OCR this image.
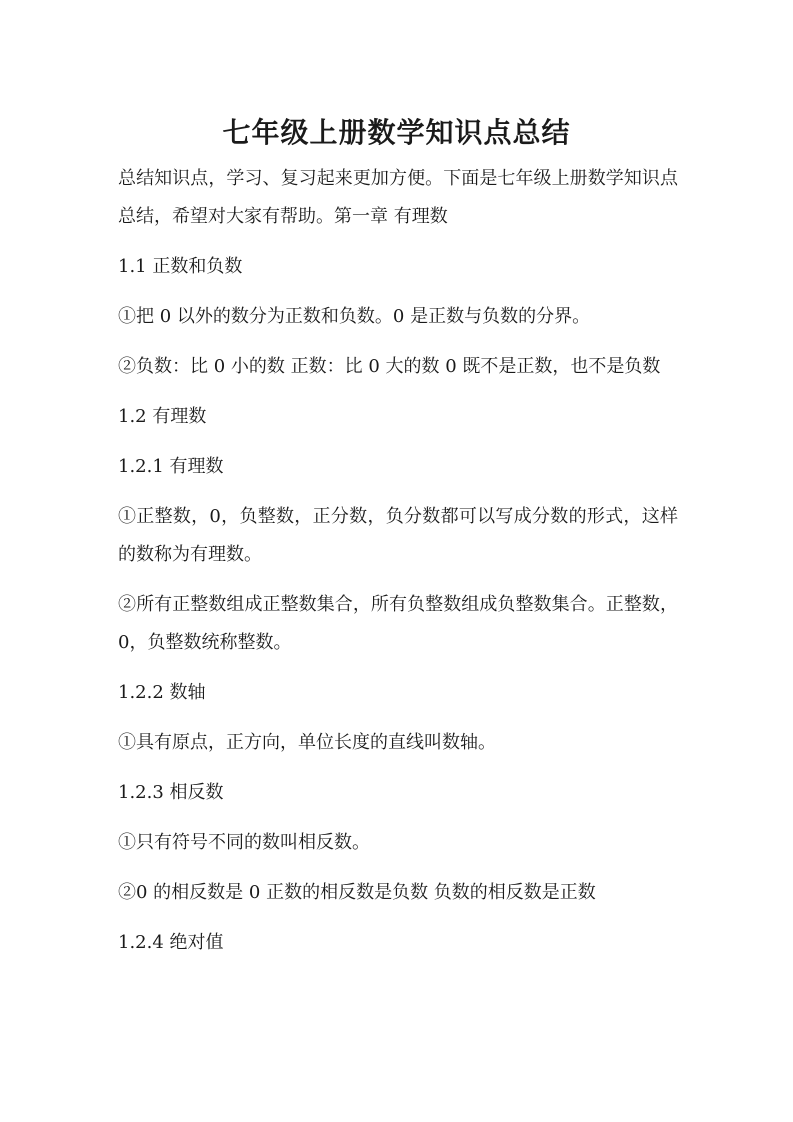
七年级上册数学知识点总结

总结知识点，学习、复习起来更加方便。下面是七年级上册数学知识点总结，希望对大家有帮助。第一章 有理数

1.1 正数和负数

①把 0 以外的数分为正数和负数。0 是正数与负数的分界。

②负数：比 0 小的数 正数：比 0 大的数 0 既不是正数，也不是负数

1.2 有理数

1.2.1 有理数

①正整数，0，负整数，正分数，负分数都可以写成分数的形式，这样的数称为有理数。

②所有正整数组成正整数集合，所有负整数组成负整数集合。正整数，0，负整数统称整数。

1.2.2 数轴

①具有原点，正方向，单位长度的直线叫数轴。

1.2.3 相反数

①只有符号不同的数叫相反数。

②0 的相反数是 0 正数的相反数是负数 负数的相反数是正数

1.2.4 绝对值
